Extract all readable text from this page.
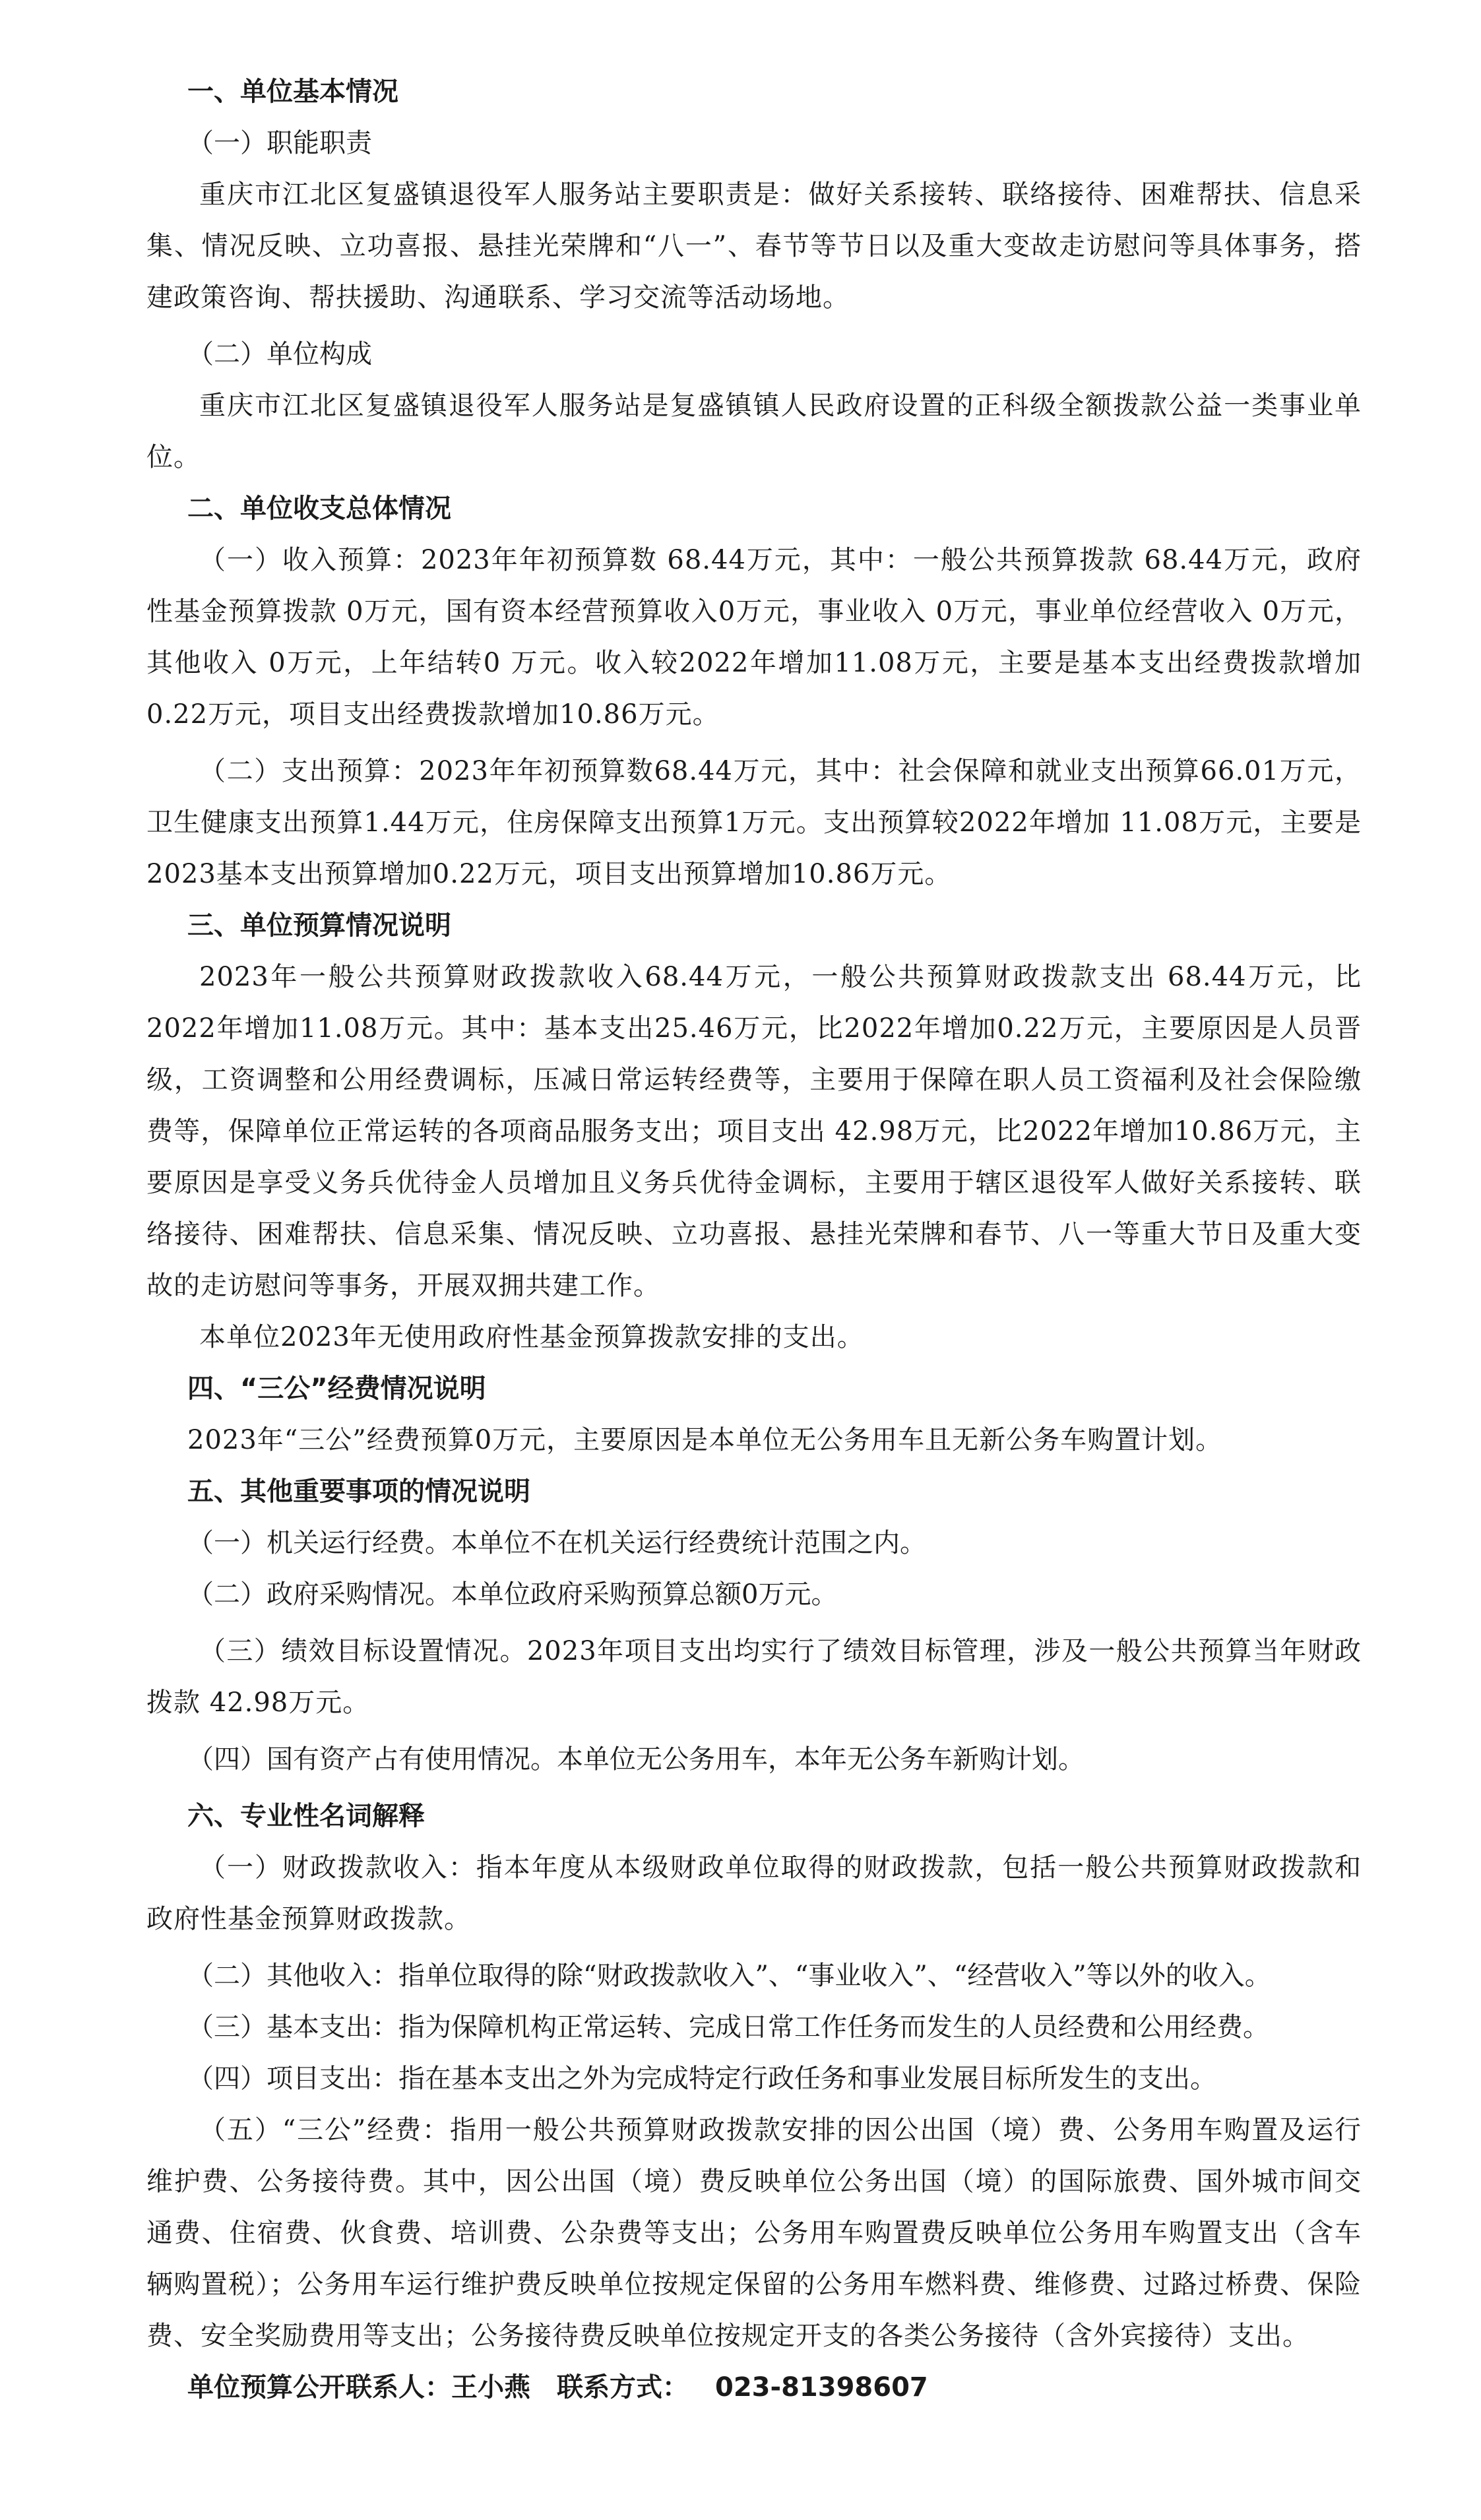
一、单位基本情况

（一）职能职责

重庆市江北区复盛镇退役军人服务站主要职责是：做好关系接转、联络接待、困难帮扶、信息采集、情况反映、立功喜报、悬挂光荣牌和“八一”、春节等节日以及重大变故走访慰问等具体事务，搭建政策咨询、帮扶援助、沟通联系、学习交流等活动场地。

（二）单位构成

重庆市江北区复盛镇退役军人服务站是复盛镇镇人民政府设置的正科级全额拨款公益一类事业单位。

二、单位收支总体情况

（一）收入预算：2023年年初预算数 68.44万元，其中：一般公共预算拨款 68.44万元，政府性基金预算拨款 0万元，国有资本经营预算收入0万元，事业收入 0万元，事业单位经营收入 0万元，其他收入 0万元，上年结转0 万元。收入较2022年增加11.08万元，主要是基本支出经费拨款增加0.22万元，项目支出经费拨款增加10.86万元。

（二）支出预算：2023年年初预算数68.44万元，其中：社会保障和就业支出预算66.01万元，卫生健康支出预算1.44万元，住房保障支出预算1万元。支出预算较2022年增加 11.08万元，主要是2023基本支出预算增加0.22万元，项目支出预算增加10.86万元。

三、单位预算情况说明

2023年一般公共预算财政拨款收入68.44万元，一般公共预算财政拨款支出 68.44万元，比2022年增加11.08万元。其中：基本支出25.46万元，比2022年增加0.22万元，主要原因是人员晋级，工资调整和公用经费调标，压减日常运转经费等，主要用于保障在职人员工资福利及社会保险缴费等，保障单位正常运转的各项商品服务支出；项目支出 42.98万元，比2022年增加10.86万元，主要原因是享受义务兵优待金人员增加且义务兵优待金调标，主要用于辖区退役军人做好关系接转、联络接待、困难帮扶、信息采集、情况反映、立功喜报、悬挂光荣牌和春节、八一等重大节日及重大变故的走访慰问等事务，开展双拥共建工作。

本单位2023年无使用政府性基金预算拨款安排的支出。

四、“三公”经费情况说明

2023年“三公”经费预算0万元，主要原因是本单位无公务用车且无新公务车购置计划。

五、其他重要事项的情况说明

（一）机关运行经费。本单位不在机关运行经费统计范围之内。

（二）政府采购情况。本单位政府采购预算总额0万元。

（三）绩效目标设置情况。2023年项目支出均实行了绩效目标管理，涉及一般公共预算当年财政拨款 42.98万元。

（四）国有资产占有使用情况。本单位无公务用车，本年无公务车新购计划。

六、专业性名词解释

（一）财政拨款收入：指本年度从本级财政单位取得的财政拨款，包括一般公共预算财政拨款和政府性基金预算财政拨款。

（二）其他收入：指单位取得的除“财政拨款收入”、“事业收入”、“经营收入”等以外的收入。

（三）基本支出：指为保障机构正常运转、完成日常工作任务而发生的人员经费和公用经费。

（四）项目支出：指在基本支出之外为完成特定行政任务和事业发展目标所发生的支出。

（五）“三公”经费：指用一般公共预算财政拨款安排的因公出国（境）费、公务用车购置及运行维护费、公务接待费。其中，因公出国（境）费反映单位公务出国（境）的国际旅费、国外城市间交通费、住宿费、伙食费、培训费、公杂费等支出；公务用车购置费反映单位公务用车购置支出（含车辆购置税）；公务用车运行维护费反映单位按规定保留的公务用车燃料费、维修费、过路过桥费、保险费、安全奖励费用等支出；公务接待费反映单位按规定开支的各类公务接待（含外宾接待）支出。

单位预算公开联系人：王小燕 联系方式： 023-81398607
